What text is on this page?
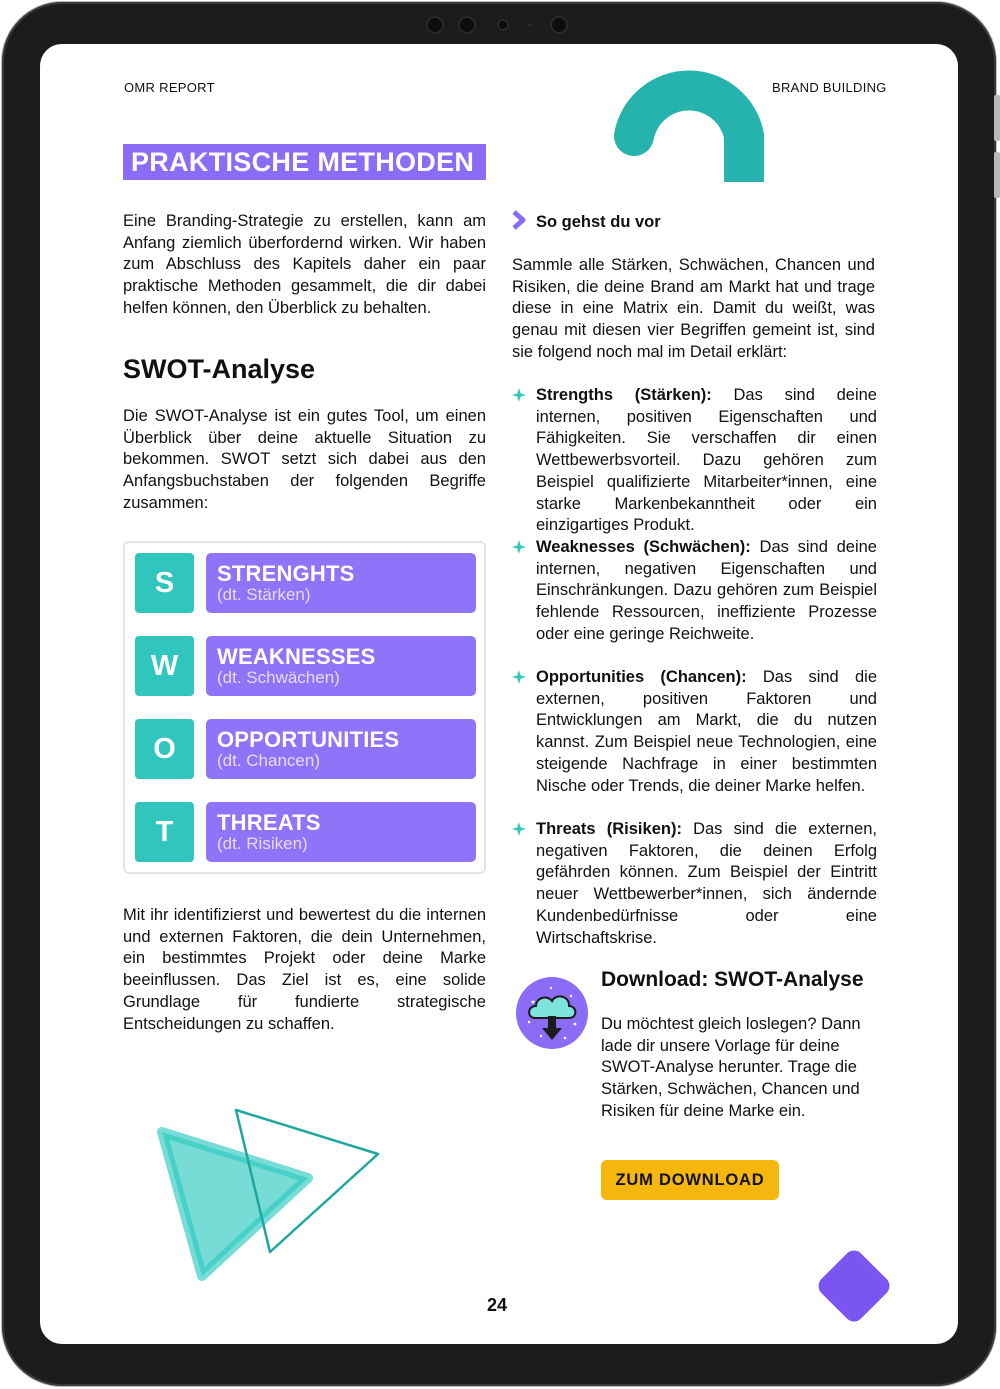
OMR REPORT	BRAND BUILDING
PRAKTISCHE METHODEN
Eine Branding-Strategie zu erstellen, kann am Anfang ziemlich überfordernd wirken. Wir haben zum Abschluss des Kapitels daher ein paar praktische Methoden gesammelt, die dir dabei helfen können, den Überblick zu behalten.
SWOT-Analyse
Die SWOT-Analyse ist ein gutes Tool, um einen Überblick über deine aktuelle Situation zu bekommen. SWOT setzt sich dabei aus den Anfangsbuchstaben der folgenden Begriffe zusammen:
S	STRENGHTS
(dt. Stärken)
W	WEAKNESSES
(dt. Schwächen)
O	OPPORTUNITIES
(dt. Chancen)
T	THREATS
(dt. Risiken)
Mit ihr identifizierst und bewertest du die internen und externen Faktoren, die dein Unternehmen, ein bestimmtes Projekt oder deine Marke beeinflussen. Das Ziel ist es, eine solide Grundlage für fundierte strategische Entscheidungen zu schaffen.
So gehst du vor
Sammle alle Stärken, Schwächen, Chancen und Risiken, die deine Brand am Markt hat und trage diese in eine Matrix ein. Damit du weißt, was genau mit diesen vier Begriffen gemeint ist, sind sie folgend noch mal im Detail erklärt:
Strengths (Stärken): Das sind deine internen, positiven Eigenschaften und Fähigkeiten. Sie verschaffen dir einen Wettbewerbsvorteil. Dazu gehören zum Beispiel qualifizierte Mitarbeiter*innen, eine starke Markenbekanntheit oder ein einzigartiges Produkt.
Weaknesses (Schwächen): Das sind deine internen, negativen Eigenschaften und Einschränkungen. Dazu gehören zum Beispiel fehlende Ressourcen, ineffiziente Prozesse oder eine geringe Reichweite.
Opportunities (Chancen): Das sind die externen, positiven Faktoren und Entwicklungen am Markt, die du nutzen kannst. Zum Beispiel neue Technologien, eine steigende Nachfrage in einer bestimmten Nische oder Trends, die deiner Marke helfen.
Threats (Risiken): Das sind die externen, negativen Faktoren, die deinen Erfolg gefährden können. Zum Beispiel der Eintritt neuer Wettbewerber*innen, sich ändernde Kundenbedürfnisse oder eine Wirtschaftskrise.
Download: SWOT-Analyse
Du möchtest gleich loslegen? Dann lade dir unsere Vorlage für deine SWOT-Analyse herunter. Trage die Stärken, Schwächen, Chancen und Risiken für deine Marke ein.
ZUM DOWNLOAD
24
